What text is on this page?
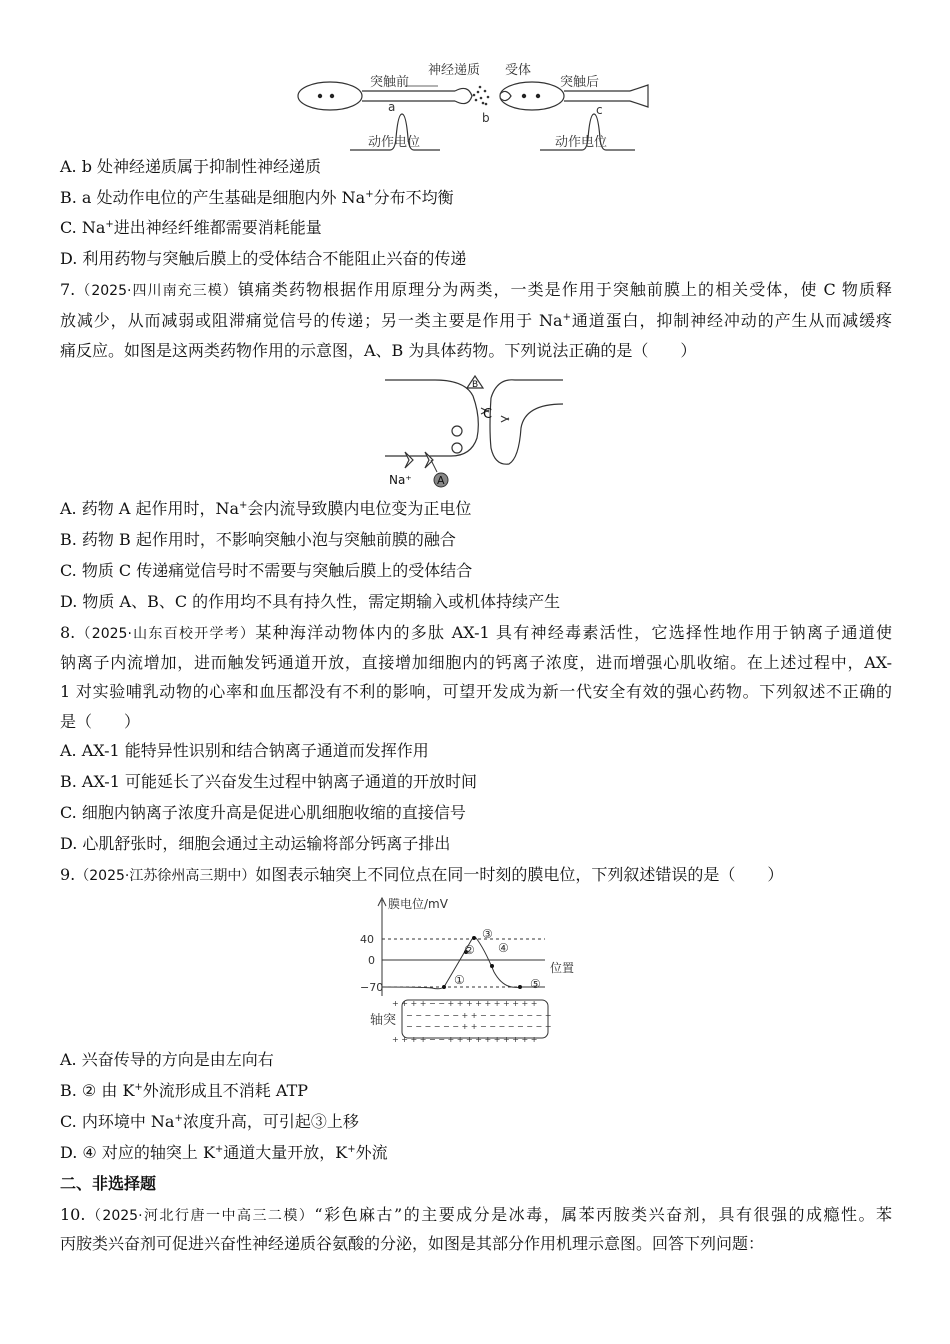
突触前
神经递质 受体
突触后
a
b
c
动作电位	动作电位
A. b 处神经递质属于抑制性神经递质
B. a 处动作电位的产生基础是细胞内外 Na+分布不均衡
C. Na+进出神经纤维都需要消耗能量
D. 利用药物与突触后膜上的受体结合不能阻止兴奋的传递
7.（2025·四川南充三模）镇痛类药物根据作用原理分为两类，一类是作用于突触前膜上的相关受体，使 C 物质释
放减少，从而减弱或阻滞痛觉信号的传递；另一类主要是作用于 Na+通道蛋白，抑制神经冲动的产生从而减缓疼
痛反应。如图是这两类药物作用的示意图，A、B 为具体药物。下列说法正确的是（　　）
A
B
C
Na⁺
A. 药物 A 起作用时，Na+会内流导致膜内电位变为正电位
B. 药物 B 起作用时，不影响突触小泡与突触前膜的融合
C. 物质 C 传递痛觉信号时不需要与突触后膜上的受体结合
D. 物质 A、B、C 的作用均不具有持久性，需定期输入或机体持续产生
8.（2025·山东百校开学考）某种海洋动物体内的多肽 AX-1 具有神经毒素活性，它选择性地作用于钠离子通道使
钠离子内流增加，进而触发钙通道开放，直接增加细胞内的钙离子浓度，进而增强心肌收缩。在上述过程中，AX-
1 对实验哺乳动物的心率和血压都没有不利的影响，可望开发成为新一代安全有效的强心药物。下列叙述不正确的
是（　　）
A. AX-1 能特异性识别和结合钠离子通道而发挥作用
B. AX-1 可能延长了兴奋发生过程中钠离子通道的开放时间
C. 细胞内钠离子浓度升高是促进心肌细胞收缩的直接信号
D. 心肌舒张时，细胞会通过主动运输将部分钙离子排出
9.（2025·江苏徐州高三期中）如图表示轴突上不同位点在同一时刻的膜电位，下列叙述错误的是（　　）
膜电位/mV
位置
40
0
−70
①
②
③
④
⑤
轴突
+ + + + − − + + + + + + + + + +
− − − − − − + + − − − − − − − −
− − − − − − + + − − − − − − − −
+ + + + − − + + + + + + + + + +
A. 兴奋传导的方向是由左向右
B. ② 由 K+外流形成且不消耗 ATP
C. 内环境中 Na+浓度升高，可引起③上移
D. ④ 对应的轴突上 K+通道大量开放，K+外流
二、非选择题
10.（2025·河北行唐一中高三二模）“彩色麻古”的主要成分是冰毒，属苯丙胺类兴奋剂，具有很强的成瘾性。苯
丙胺类兴奋剂可促进兴奋性神经递质谷氨酸的分泌，如图是其部分作用机理示意图。回答下列问题：
